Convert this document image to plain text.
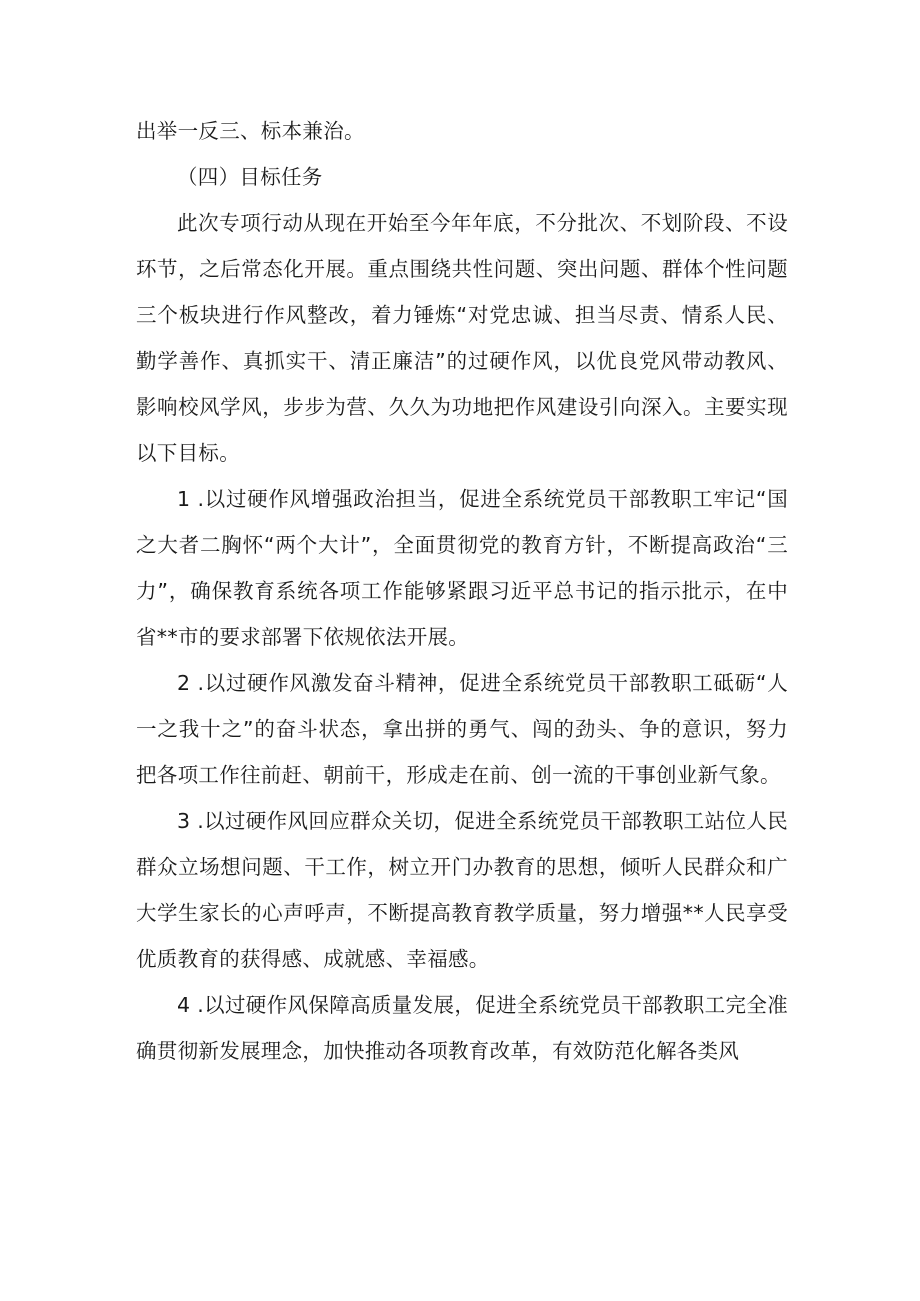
出举一反三、标本兼治。

（四）目标任务

此次专项行动从现在开始至今年年底，不分批次、不划阶段、不设环节，之后常态化开展。重点围绕共性问题、突出问题、群体个性问题三个板块进行作风整改，着力锤炼“对党忠诚、担当尽责、情系人民、勤学善作、真抓实干、清正廉洁”的过硬作风，以优良党风带动教风、影响校风学风，步步为营、久久为功地把作风建设引向深入。主要实现以下目标。

1 .以过硬作风增强政治担当，促进全系统党员干部教职工牢记“国之大者二胸怀“两个大计”，全面贯彻党的教育方针，不断提高政治“三力”，确保教育系统各项工作能够紧跟习近平总书记的指示批示，在中省**市的要求部署下依规依法开展。

2 .以过硬作风激发奋斗精神，促进全系统党员干部教职工砥砺“人一之我十之”的奋斗状态，拿出拼的勇气、闯的劲头、争的意识，努力把各项工作往前赶、朝前干，形成走在前、创一流的干事创业新气象。

3 .以过硬作风回应群众关切，促进全系统党员干部教职工站位人民群众立场想问题、干工作，树立开门办教育的思想，倾听人民群众和广大学生家长的心声呼声，不断提高教育教学质量，努力增强**人民享受优质教育的获得感、成就感、幸福感。

4 .以过硬作风保障高质量发展，促进全系统党员干部教职工完全准确贯彻新发展理念，加快推动各项教育改革，有效防范化解各类风
